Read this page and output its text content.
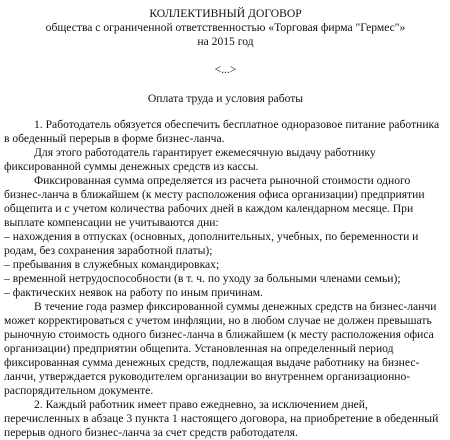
КОЛЛЕКТИВНЫЙ ДОГОВОР
общества с ограниченной ответственностью «Торговая фирма "Гермес"»
на 2015 год
<...>
Оплата труда и условия работы
1. Работодатель обязуется обеспечить бесплатное одноразовое питание работника
в обеденный перерыв в форме бизнес-ланча.
Для этого работодатель гарантирует ежемесячную выдачу работнику
фиксированной суммы денежных средств из кассы.
Фиксированная сумма определяется из расчета рыночной стоимости одного
бизнес-ланча в ближайшем (к месту расположения офиса организации) предприятии
общепита и с учетом количества рабочих дней в каждом календарном месяце. При
выплате компенсации не учитываются дни:
– нахождения в отпусках (основных, дополнительных, учебных, по беременности и
родам, без сохранения заработной платы);
– пребывания в служебных командировках;
– временной нетрудоспособности (в т. ч. по уходу за больными членами семьи);
– фактических неявок на работу по иным причинам.
В течение года размер фиксированной суммы денежных средств на бизнес-ланчи
может корректироваться с учетом инфляции, но в любом случае не должен превышать
рыночную стоимость одного бизнес-ланча в ближайшем (к месту расположения офиса
организации) предприятии общепита. Установленная на определенный период
фиксированная сумма денежных средств, подлежащая выдаче работнику на бизнес-
ланчи, утверждается руководителем организации во внутреннем организационно-
распорядительном документе.
2. Каждый работник имеет право ежедневно, за исключением дней,
перечисленных в абзаце 3 пункта 1 настоящего договора, на приобретение в обеденный
перерыв одного бизнес-ланча за счет средств работодателя.
